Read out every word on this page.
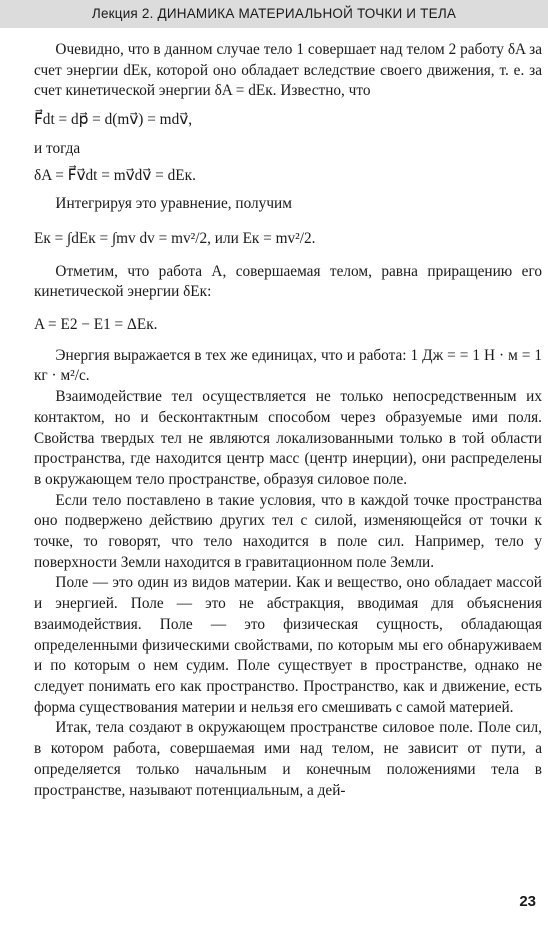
Лекция 2. ДИНАМИКА МАТЕРИАЛЬНОЙ ТОЧКИ И ТЕЛА

Очевидно, что в данном случае тело 1 совершает над телом 2 работу δA за счет энергии dEк, которой оно обладает вследствие своего движения, т. е. за счет кинетической энергии δA = dEк. Известно, что

F⃗dt = dp⃗ = d(mv⃗) = mdv⃗,

и тогда

δA = F⃗v⃗dt = mv⃗dv⃗ = dEк.

Интегрируя это уравнение, получим

Eк = ∫dEк = ∫mv dv = mv²/2, или Eк = mv²/2.

Отметим, что работа A, совершаемая телом, равна приращению его кинетической энергии δEк:

A = E2 − E1 = ΔEк.

Энергия выражается в тех же единицах, что и работа: 1 Дж = = 1 Н · м = 1 кг · м²/с.

Взаимодействие тел осуществляется не только непосредственным их контактом, но и бесконтактным способом через образуемые ими поля. Свойства твердых тел не являются локализованными только в той области пространства, где находится центр масс (центр инерции), они распределены в окружающем тело пространстве, образуя силовое поле.

Если тело поставлено в такие условия, что в каждой точке пространства оно подвержено действию других тел с силой, изменяющейся от точки к точке, то говорят, что тело находится в поле сил. Например, тело у поверхности Земли находится в гравитационном поле Земли.

Поле — это один из видов материи. Как и вещество, оно обладает массой и энергией. Поле — это не абстракция, вводимая для объяснения взаимодействия. Поле — это физическая сущность, обладающая определенными физическими свойствами, по которым мы его обнаруживаем и по которым о нем судим. Поле существует в пространстве, однако не следует понимать его как пространство. Пространство, как и движение, есть форма существования материи и нельзя его смешивать с самой материей.

Итак, тела создают в окружающем пространстве силовое поле. Поле сил, в котором работа, совершаемая ими над телом, не зависит от пути, а определяется только начальным и конечным положениями тела в пространстве, называют потенциальным, а дей-

23
